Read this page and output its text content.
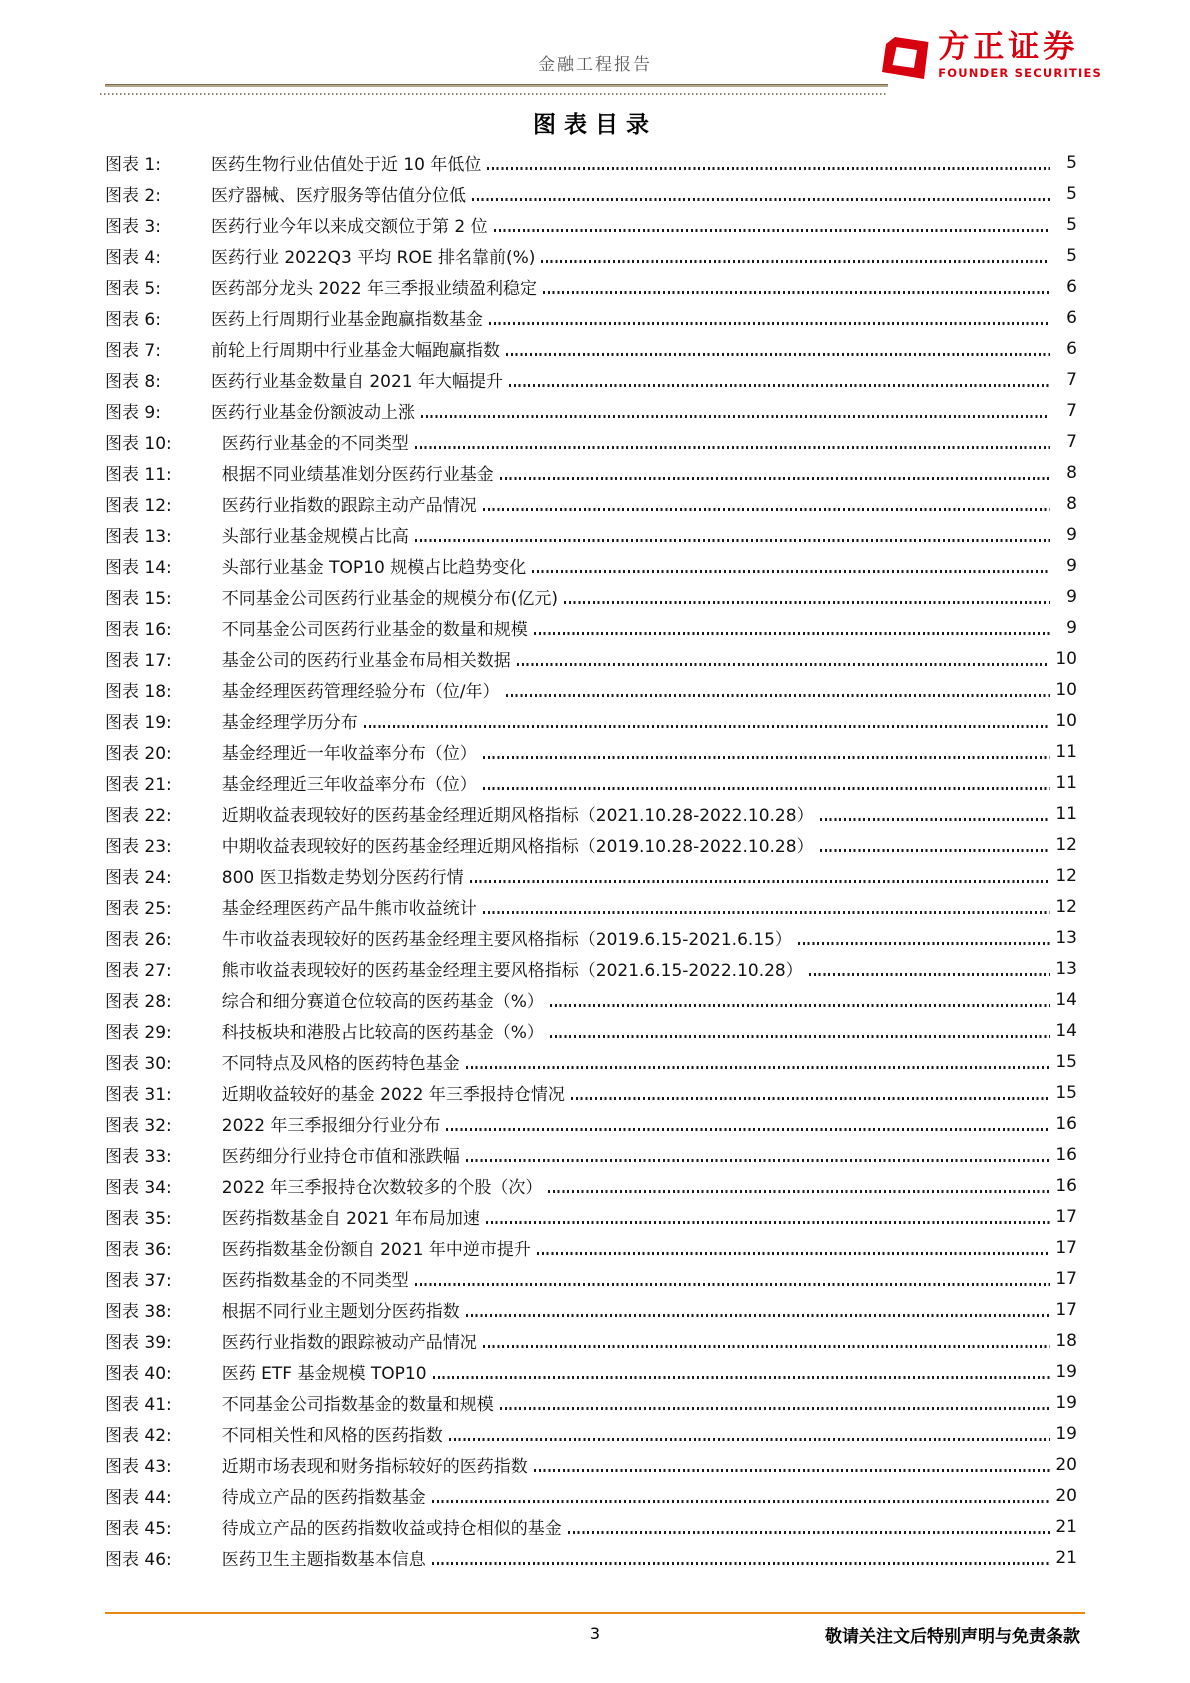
金融工程报告	方正证券
FOUNDER SECURITIES
图表目录
图表 1:	医药生物行业估值处于近 10 年低位	5
图表 2:	医疗器械、医疗服务等估值分位低	5
图表 3:	医药行业今年以来成交额位于第 2 位	5
图表 4:	医药行业 2022Q3 平均 ROE 排名靠前(%)	5
图表 5:	医药部分龙头 2022 年三季报业绩盈利稳定	6
图表 6:	医药上行周期行业基金跑赢指数基金	6
图表 7:	前轮上行周期中行业基金大幅跑赢指数	6
图表 8:	医药行业基金数量自 2021 年大幅提升	7
图表 9:	医药行业基金份额波动上涨	7
图表 10:	医药行业基金的不同类型	7
图表 11:	根据不同业绩基准划分医药行业基金	8
图表 12:	医药行业指数的跟踪主动产品情况	8
图表 13:	头部行业基金规模占比高	9
图表 14:	头部行业基金 TOP10 规模占比趋势变化	9
图表 15:	不同基金公司医药行业基金的规模分布(亿元)	9
图表 16:	不同基金公司医药行业基金的数量和规模	9
图表 17:	基金公司的医药行业基金布局相关数据	10
图表 18:	基金经理医药管理经验分布（位/年）	10
图表 19:	基金经理学历分布	10
图表 20:	基金经理近一年收益率分布（位）	11
图表 21:	基金经理近三年收益率分布（位）	11
图表 22:	近期收益表现较好的医药基金经理近期风格指标（2021.10.28-2022.10.28）	11
图表 23:	中期收益表现较好的医药基金经理近期风格指标（2019.10.28-2022.10.28）	12
图表 24:	800 医卫指数走势划分医药行情	12
图表 25:	基金经理医药产品牛熊市收益统计	12
图表 26:	牛市收益表现较好的医药基金经理主要风格指标（2019.6.15-2021.6.15）	13
图表 27:	熊市收益表现较好的医药基金经理主要风格指标（2021.6.15-2022.10.28）	13
图表 28:	综合和细分赛道仓位较高的医药基金（%）	14
图表 29:	科技板块和港股占比较高的医药基金（%）	14
图表 30:	不同特点及风格的医药特色基金	15
图表 31:	近期收益较好的基金 2022 年三季报持仓情况	15
图表 32:	2022 年三季报细分行业分布	16
图表 33:	医药细分行业持仓市值和涨跌幅	16
图表 34:	2022 年三季报持仓次数较多的个股（次）	16
图表 35:	医药指数基金自 2021 年布局加速	17
图表 36:	医药指数基金份额自 2021 年中逆市提升	17
图表 37:	医药指数基金的不同类型	17
图表 38:	根据不同行业主题划分医药指数	17
图表 39:	医药行业指数的跟踪被动产品情况	18
图表 40:	医药 ETF 基金规模 TOP10	19
图表 41:	不同基金公司指数基金的数量和规模	19
图表 42:	不同相关性和风格的医药指数	19
图表 43:	近期市场表现和财务指标较好的医药指数	20
图表 44:	待成立产品的医药指数基金	20
图表 45:	待成立产品的医药指数收益或持仓相似的基金	21
图表 46:	医药卫生主题指数基本信息	21
3	敬请关注文后特别声明与免责条款
